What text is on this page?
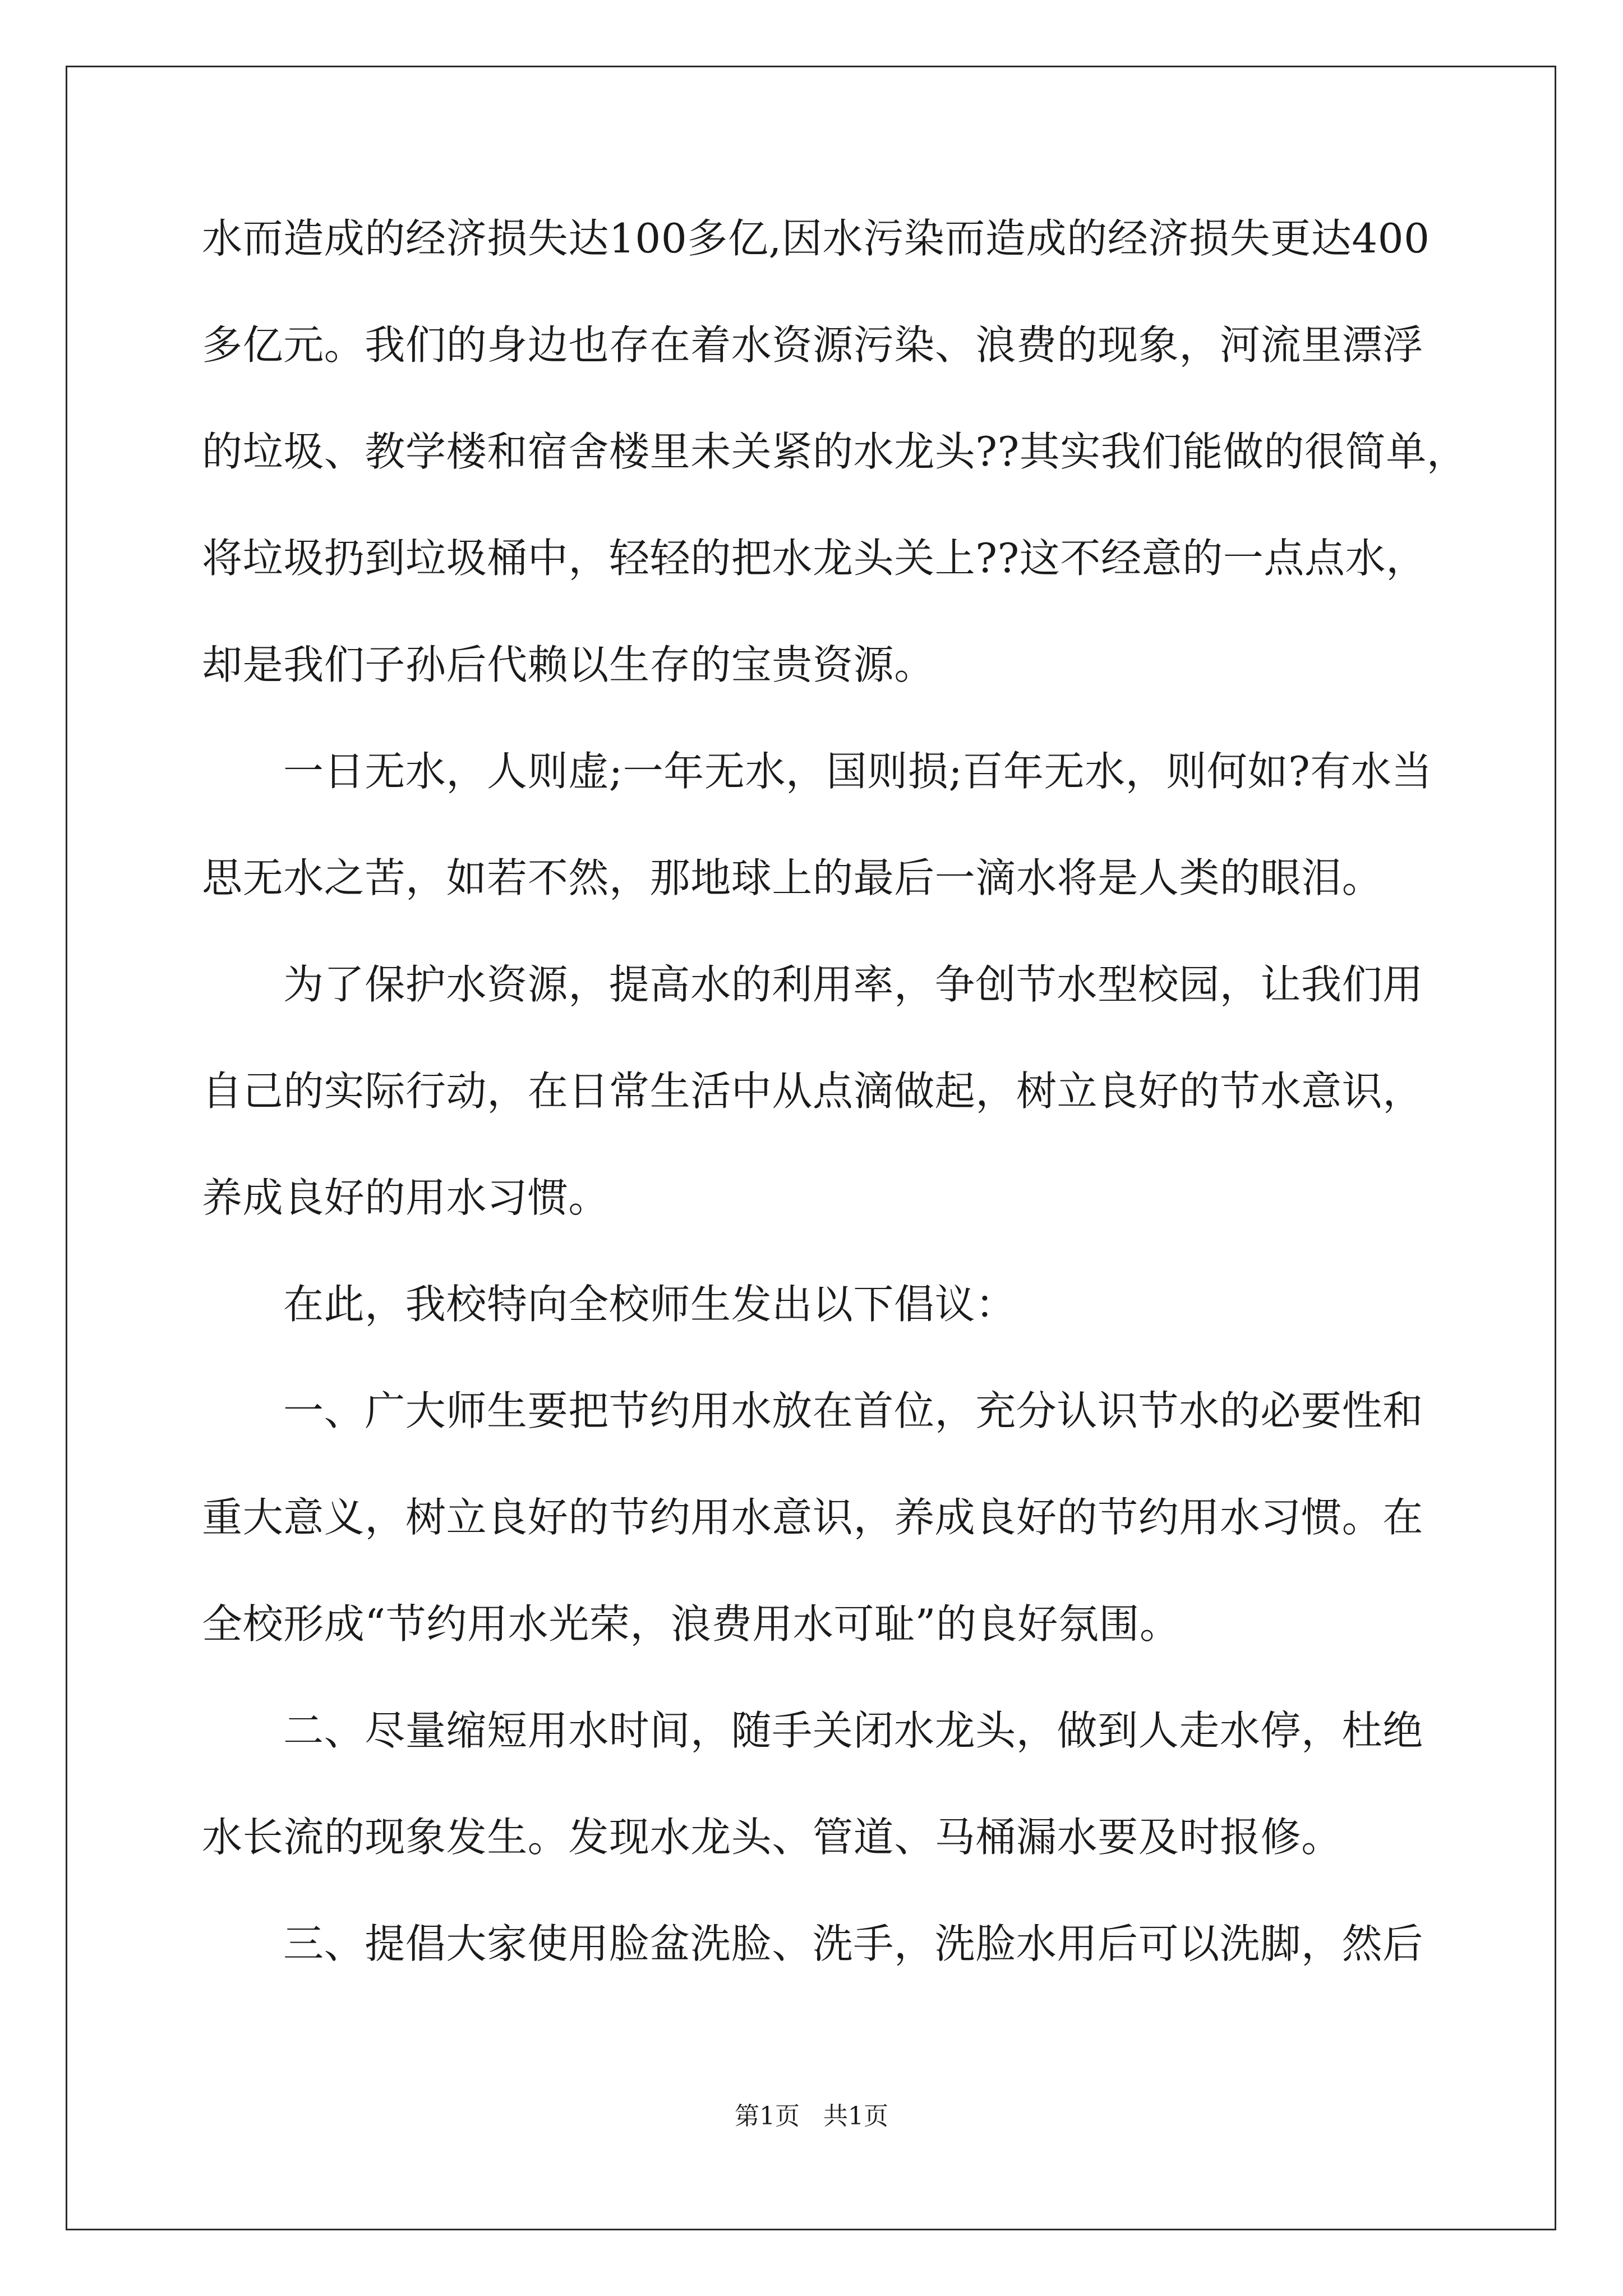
水而造成的经济损失达100多亿,因水污染而造成的经济损失更达400
多亿元。我们的身边也存在着水资源污染、浪费的现象，河流里漂浮
的垃圾、教学楼和宿舍楼里未关紧的水龙头??其实我们能做的很简单，
将垃圾扔到垃圾桶中，轻轻的把水龙头关上??这不经意的一点点水，
却是我们子孙后代赖以生存的宝贵资源。
一日无水，人则虚;一年无水，国则损;百年无水，则何如?有水当
思无水之苦，如若不然，那地球上的最后一滴水将是人类的眼泪。
为了保护水资源，提高水的利用率，争创节水型校园，让我们用
自己的实际行动，在日常生活中从点滴做起，树立良好的节水意识，
养成良好的用水习惯。
在此，我校特向全校师生发出以下倡议：
一、广大师生要把节约用水放在首位，充分认识节水的必要性和
重大意义，树立良好的节约用水意识，养成良好的节约用水习惯。在
全校形成“节约用水光荣，浪费用水可耻”的良好氛围。
二、尽量缩短用水时间，随手关闭水龙头，做到人走水停，杜绝
水长流的现象发生。发现水龙头、管道、马桶漏水要及时报修。
三、提倡大家使用脸盆洗脸、洗手，洗脸水用后可以洗脚，然后
第1页 共1页
